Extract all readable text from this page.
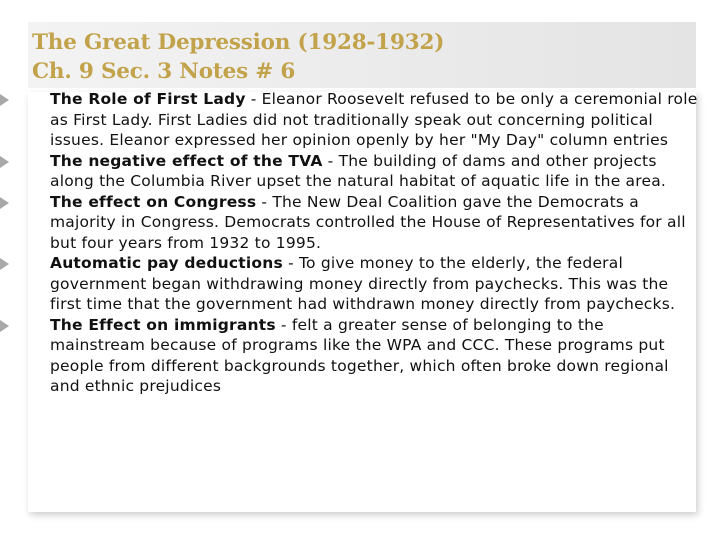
The Great Depression (1928-1932)
Ch. 9 Sec. 3 Notes # 6
The Role of First Lady - Eleanor Roosevelt refused to be only a ceremonial role as First Lady. First Ladies did not traditionally speak out concerning political issues. Eleanor expressed her opinion openly by her "My Day" column entries
The negative effect of the TVA - The building of dams and other projects along the Columbia River upset the natural habitat of aquatic life in the area.
The effect on Congress - The New Deal Coalition gave the Democrats a majority in Congress. Democrats controlled the House of Representatives for all but four years from 1932 to 1995.
Automatic pay deductions - To give money to the elderly, the federal government began withdrawing money directly from paychecks. This was the first time that the government had withdrawn money directly from paychecks.
The Effect on immigrants - felt a greater sense of belonging to the mainstream because of programs like the WPA and CCC. These programs put people from different backgrounds together, which often broke down regional and ethnic prejudices
